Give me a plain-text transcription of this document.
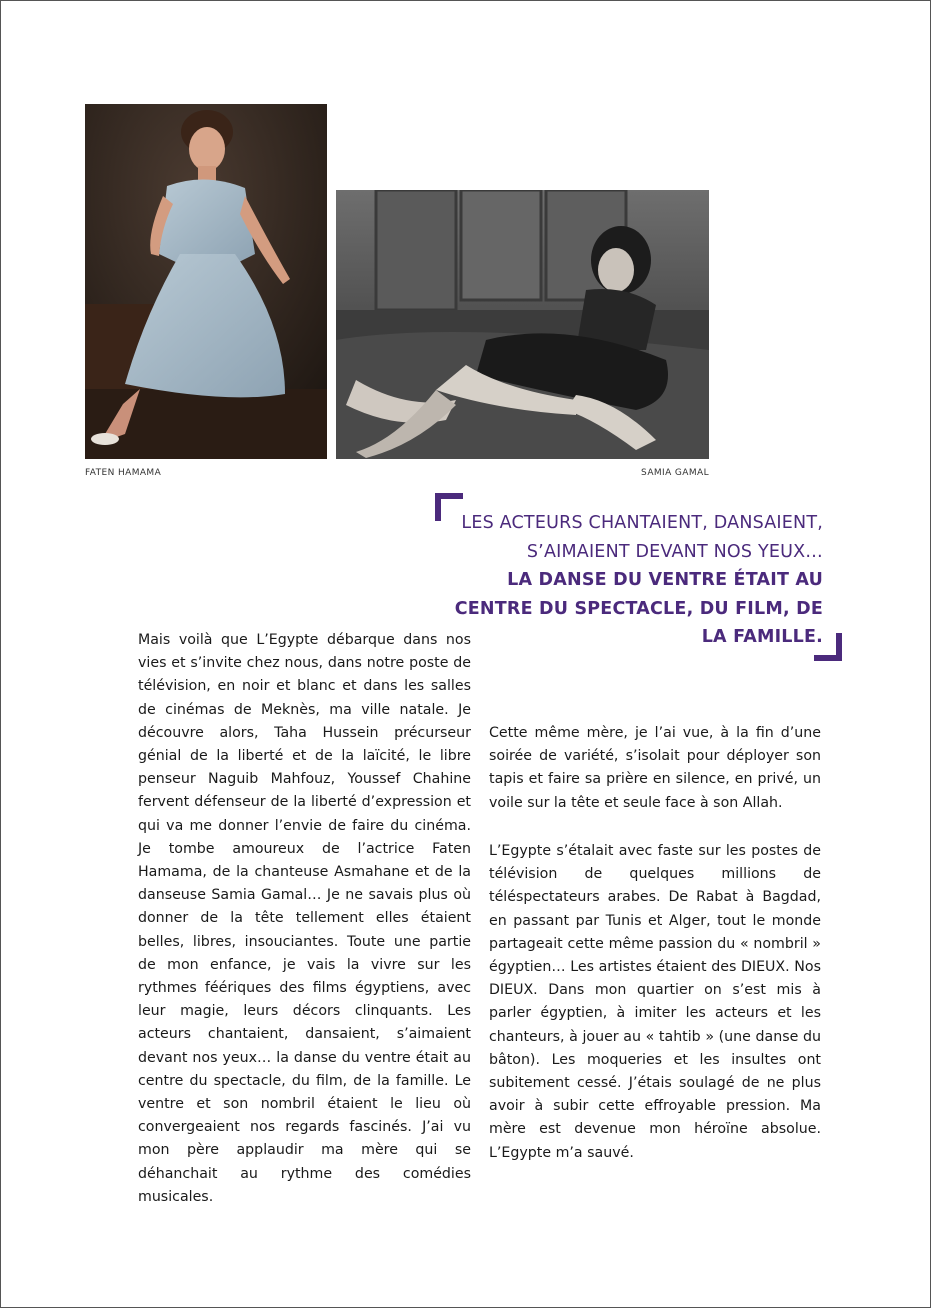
FATEN HAMAMA	SAMIA GAMAL
LES ACTEURS CHANTAIENT, DANSAIENT, S’AIMAIENT DEVANT NOS YEUX…
LA DANSE DU VENTRE ÉTAIT AU CENTRE DU SPECTACLE, DU FILM, DE LA FAMILLE.

Mais voilà que L’Egypte débarque dans nos vies et s’invite chez nous, dans notre poste de télévision, en noir et blanc et dans les salles de cinémas de Meknès, ma ville natale. Je découvre alors, Taha Hussein précurseur génial de la liberté et de la laïcité, le libre penseur Naguib Mahfouz, Youssef Chahine fervent défenseur de la liberté d’expression et qui va me donner l’envie de faire du cinéma. Je tombe amoureux de l’actrice Faten Hamama, de la chanteuse Asmahane et de la danseuse Samia Gamal… Je ne savais plus où donner de la tête tellement elles étaient belles, libres, insouciantes. Toute une partie de mon enfance, je vais la vivre sur les rythmes féériques des films égyptiens, avec leur magie, leurs décors clinquants. Les acteurs chantaient, dansaient, s’aimaient devant nos yeux… la danse du ventre était au centre du spectacle, du film, de la famille. Le ventre et son nombril étaient le lieu où convergeaient nos regards fascinés. J’ai vu mon père applaudir ma mère qui se déhanchait au rythme des comédies musicales.

Cette même mère, je l’ai vue, à la fin d’une soirée de variété, s’isolait pour déployer son tapis et faire sa prière en silence, en privé, un voile sur la tête et seule face à son Allah.

L’Egypte s’étalait avec faste sur les postes de télévision de quelques millions de téléspectateurs arabes. De Rabat à Bagdad, en passant par Tunis et Alger, tout le monde partageait cette même passion du « nombril » égyptien… Les artistes étaient des DIEUX. Nos DIEUX. Dans mon quartier on s’est mis à parler égyptien, à imiter les acteurs et les chanteurs, à jouer au « tahtib » (une danse du bâton). Les moqueries et les insultes ont subitement cessé. J’étais soulagé de ne plus avoir à subir cette effroyable pression. Ma mère est devenue mon héroïne absolue. L’Egypte m’a sauvé.
